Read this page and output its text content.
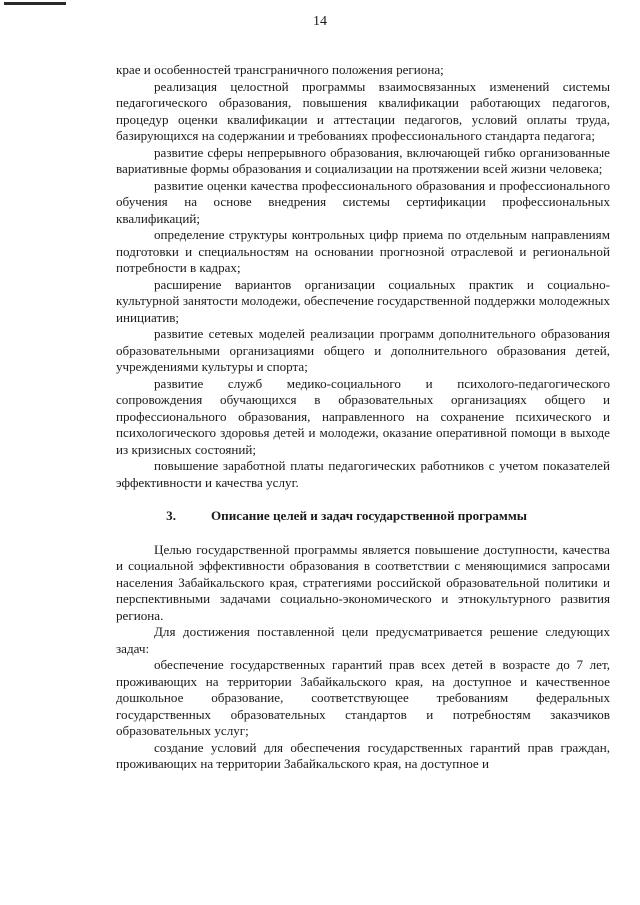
14

крае и особенностей трансграничного положения региона;

реализация целостной программы взаимосвязанных изменений системы педагогического образования, повышения квалификации работающих педагогов, процедур оценки квалификации и аттестации педагогов, условий оплаты труда, базирующихся на содержании и требованиях профессионального стандарта педагога;

развитие сферы непрерывного образования, включающей гибко организованные вариативные формы образования и социализации на протяжении всей жизни человека;

развитие оценки качества профессионального образования и профессионального обучения на основе внедрения системы сертификации профессиональных квалификаций;

определение структуры контрольных цифр приема по отдельным направлениям подготовки и специальностям на основании прогнозной отраслевой и региональной потребности в кадрах;

расширение вариантов организации социальных практик и социально-культурной занятости молодежи, обеспечение государственной поддержки молодежных инициатив;

развитие сетевых моделей реализации программ дополнительного образования образовательными организациями общего и дополнительного образования детей, учреждениями культуры и спорта;

развитие служб медико-социального и психолого-педагогического сопровождения обучающихся в образовательных организациях общего и профессионального образования, направленного на сохранение психического и психологического здоровья детей и молодежи, оказание оперативной помощи в выходе из кризисных состояний;

повышение заработной платы педагогических работников с учетом показателей эффективности и качества услуг.

3.	Описание целей и задач государственной программы

Целью государственной программы является повышение доступности, качества и социальной эффективности образования в соответствии с меняющимися запросами населения Забайкальского края, стратегиями российской образовательной политики и перспективными задачами социально-экономического и этнокультурного развития региона.

Для достижения поставленной цели предусматривается решение следующих задач:

обеспечение государственных гарантий прав всех детей в возрасте до 7 лет, проживающих на территории Забайкальского края, на доступное и качественное дошкольное образование, соответствующее требованиям федеральных государственных образовательных стандартов и потребностям заказчиков образовательных услуг;

создание условий для обеспечения государственных гарантий прав граждан, проживающих на территории Забайкальского края, на доступное и
